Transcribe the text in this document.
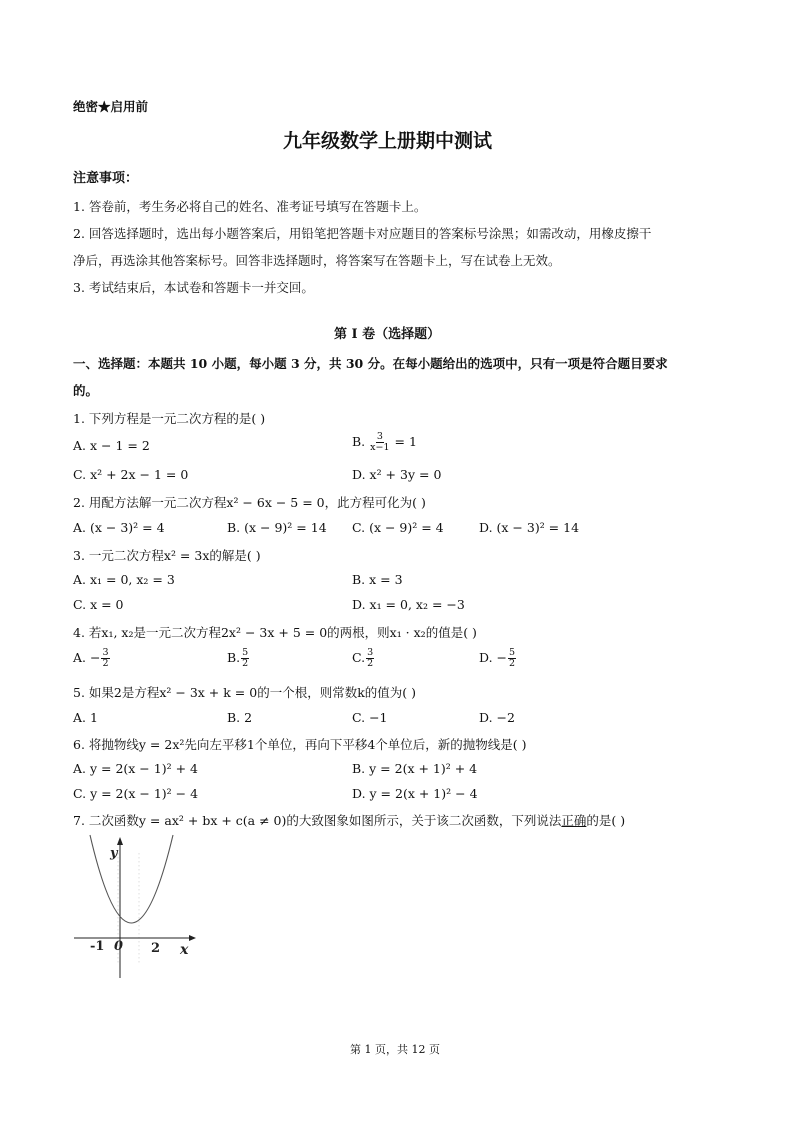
绝密★启用前
九年级数学上册期中测试
注意事项：
1. 答卷前，考生务必将自己的姓名、准考证号填写在答题卡上。
2. 回答选择题时，选出每小题答案后，用铅笔把答题卡对应题目的答案标号涂黑；如需改动，用橡皮擦干
净后，再选涂其他答案标号。回答非选择题时，将答案写在答题卡上，写在试卷上无效。
3. 考试结束后，本试卷和答题卡一并交回。
第 I 卷（选择题）
一、选择题：本题共 10 小题，每小题 3 分，共 30 分。在每小题给出的选项中，只有一项是符合题目要求
的。
1. 下列方程是一元二次方程的是( )
A. x − 1 = 2	B. $\frac{3}{x-1} = 1$
C. x² + 2x − 1 = 0	D. x² + 3y = 0
2. 用配方法解一元二次方程x² − 6x − 5 = 0，此方程可化为( )
A. (x − 3)² = 4	B. (x − 9)² = 14 C. (x − 9)² = 4	D. (x − 3)² = 14
3. 一元二次方程x² = 3x的解是( )
A. x₁ = 0, x₂ = 3	B. x = 3
C. x = 0	D. x₁ = 0, x₂ = −3
4. 若x₁, x₂是一元二次方程2x² − 3x + 5 = 0的两根，则x₁ · x₂的值是( )
A. − $\frac{3}{2}$	B. $\frac{5}{2}$	C. $\frac{3}{2}$	D. − $\frac{5}{2}$
5. 如果2是方程x² − 3x + k = 0的一个根，则常数k的值为( )
A. 1	B. 2	C. −1	D. −2
6. 将抛物线y = 2x²先向左平移1个单位，再向下平移4个单位后，新的抛物线是( )
A. y = 2(x − 1)² + 4	B. y = 2(x + 1)² + 4
C. y = 2(x − 1)² − 4	D. y = 2(x + 1)² − 4
7. 二次函数y = ax² + bx + c(a ≠ 0)的大致图象如图所示，关于该二次函数，下列说法正确的是( )
y
x
0
-1	2
第 1 页，共 12 页
